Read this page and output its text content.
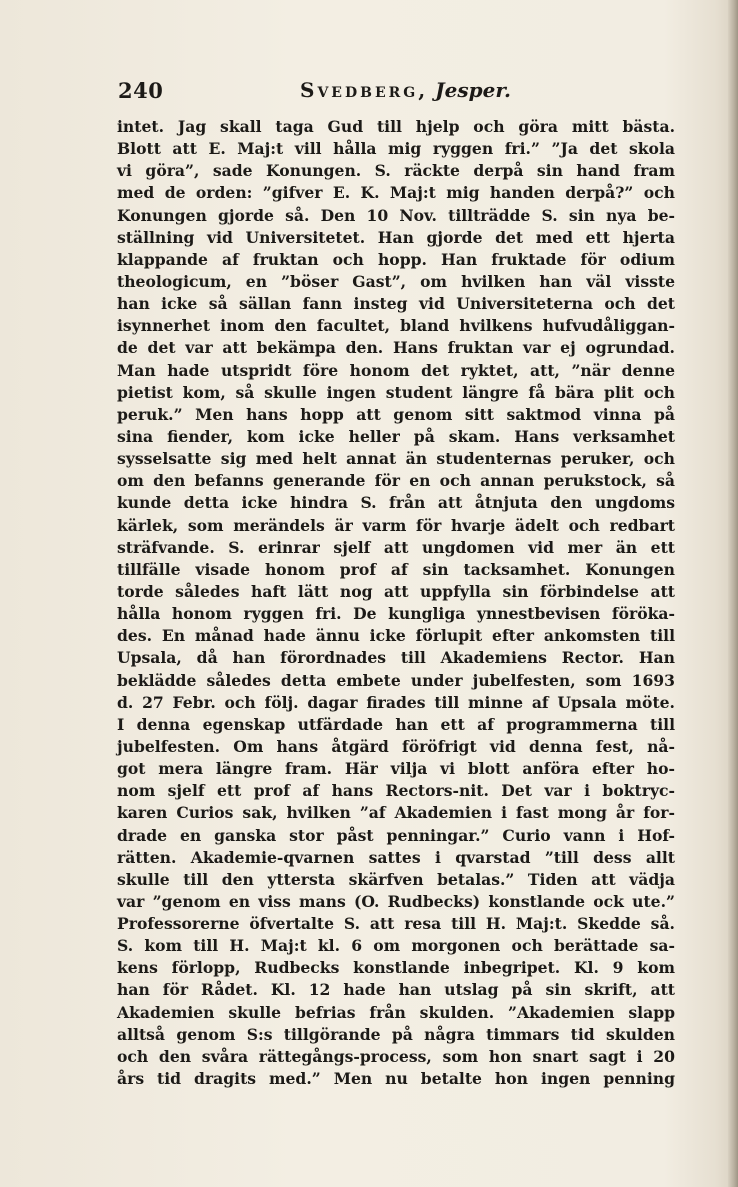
240	Svedberg, Jesper.
intet. Jag skall taga Gud till hjelp och göra mitt bästa.
Blott att E. Maj:t vill hålla mig ryggen fri.” ”Ja det skola
vi göra”, sade Konungen. S. räckte derpå sin hand fram
med de orden: ”gifver E. K. Maj:t mig handen derpå?” och
Konungen gjorde så. Den 10 Nov. tillträdde S. sin nya be-
ställning vid Universitetet. Han gjorde det med ett hjerta
klappande af fruktan och hopp. Han fruktade för odium
theologicum, en ”böser Gast”, om hvilken han väl visste
han icke så sällan fann insteg vid Universiteterna och det
isynnerhet inom den facultet, bland hvilkens hufvudåliggan-
de det var att bekämpa den. Hans fruktan var ej ogrundad.
Man hade utspridt före honom det ryktet, att, ”när denne
pietist kom, så skulle ingen student längre få bära plit och
peruk.” Men hans hopp att genom sitt saktmod vinna på
sina fiender, kom icke heller på skam. Hans verksamhet
sysselsatte sig med helt annat än studenternas peruker, och
om den befanns generande för en och annan perukstock, så
kunde detta icke hindra S. från att åtnjuta den ungdoms
kärlek, som merändels är varm för hvarje ädelt och redbart
sträfvande. S. erinrar sjelf att ungdomen vid mer än ett
tillfälle visade honom prof af sin tacksamhet. Konungen
torde således haft lätt nog att uppfylla sin förbindelse att
hålla honom ryggen fri. De kungliga ynnestbevisen föröka-
des. En månad hade ännu icke förlupit efter ankomsten till
Upsala, då han förordnades till Akademiens Rector. Han
beklädde således detta embete under jubelfesten, som 1693
d. 27 Febr. och följ. dagar firades till minne af Upsala möte.
I denna egenskap utfärdade han ett af programmerna till
jubelfesten. Om hans åtgärd föröfrigt vid denna fest, nå-
got mera längre fram. Här vilja vi blott anföra efter ho-
nom sjelf ett prof af hans Rectors-nit. Det var i boktryc-
karen Curios sak, hvilken ”af Akademien i fast mong år for-
drade en ganska stor påst penningar.” Curio vann i Hof-
rätten. Akademie-qvarnen sattes i qvarstad ”till dess allt
skulle till den yttersta skärfven betalas.” Tiden att vädja
var ”genom en viss mans (O. Rudbecks) konstlande ock ute.”
Professorerne öfvertalte S. att resa till H. Maj:t. Skedde så.
S. kom till H. Maj:t kl. 6 om morgonen och berättade sa-
kens förlopp, Rudbecks konstlande inbegripet. Kl. 9 kom
han för Rådet. Kl. 12 hade han utslag på sin skrift, att
Akademien skulle befrias från skulden. ”Akademien slapp
alltså genom S:s tillgörande på några timmars tid skulden
och den svåra rättegångs-process, som hon snart sagt i 20
års tid dragits med.” Men nu betalte hon ingen penning
